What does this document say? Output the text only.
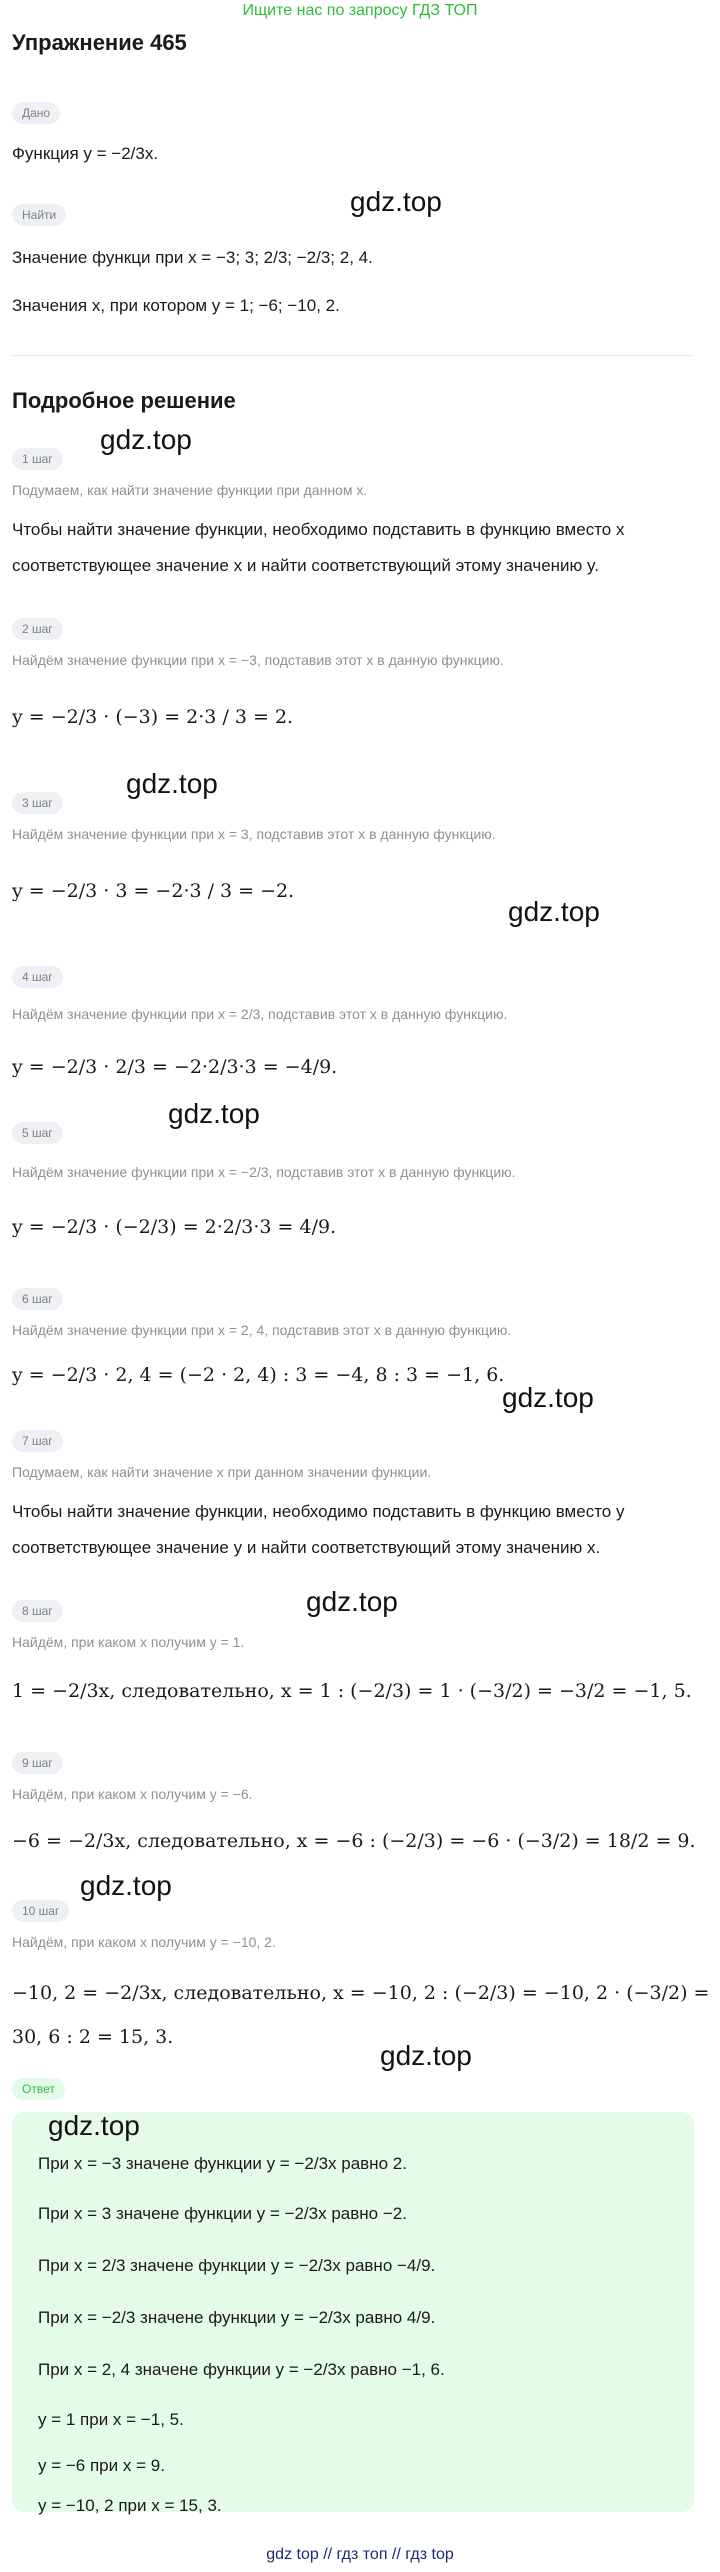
Ищите нас по запросу ГДЗ ТОП
Упражнение 465
Дано
Функция y = −2/3x.
gdz.top
Найти
Значение функци при x = −3; 3; 2/3; −2/3; 2, 4.
Значения x, при котором y = 1; −6; −10, 2.
Подробное решение
gdz.top
1 шаг
Подумаем, как найти значение функции при данном x.
Чтобы найти значение функции, необходимо подставить в функцию вместо x
соответствующее значение x и найти соответствующий этому значению y.
2 шаг
Найдём значение функции при x = −3, подставив этот x в данную функцию.
y = −2/3 · (−3) = 2·3 / 3 = 2.
gdz.top
3 шаг
Найдём значение функции при x = 3, подставив этот x в данную функцию.
y = −2/3 · 3 = −2·3 / 3 = −2.
gdz.top
4 шаг
Найдём значение функции при x = 2/3, подставив этот x в данную функцию.
y = −2/3 · 2/3 = −2·2/3·3 = −4/9.
gdz.top
5 шаг
Найдём значение функции при x = −2/3, подставив этот x в данную функцию.
y = −2/3 · (−2/3) = 2·2/3·3 = 4/9.
6 шаг
Найдём значение функции при x = 2, 4, подставив этот x в данную функцию.
y = −2/3 · 2, 4 = (−2 · 2, 4) : 3 = −4, 8 : 3 = −1, 6.
gdz.top
7 шаг
Подумаем, как найти значение x при данном значении функции.
Чтобы найти значение функции, необходимо подставить в функцию вместо y
соответствующее значение y и найти соответствующий этому значению x.
gdz.top
8 шаг
Найдём, при каком x получим y = 1.
1 = −2/3x, следовательно, x = 1 : (−2/3) = 1 · (−3/2) = −3/2 = −1, 5.
9 шаг
Найдём, при каком x получим y = −6.
−6 = −2/3x, следовательно, x = −6 : (−2/3) = −6 · (−3/2) = 18/2 = 9.
gdz.top
10 шаг
Найдём, при каком x получим y = −10, 2.
−10, 2 = −2/3x, следовательно, x = −10, 2 : (−2/3) = −10, 2 · (−3/2) =
30, 6 : 2 = 15, 3.
gdz.top
Ответ
gdz.top
При x = −3 значене функции y = −2/3x равно 2.
При x = 3 значене функции y = −2/3x равно −2.
При x = 2/3 значене функции y = −2/3x равно −4/9.
При x = −2/3 значене функции y = −2/3x равно 4/9.
При x = 2, 4 значене функции y = −2/3x равно −1, 6.
y = 1 при x = −1, 5.
y = −6 при x = 9.
y = −10, 2 при x = 15, 3.
gdz top // гдз топ // гдз top
